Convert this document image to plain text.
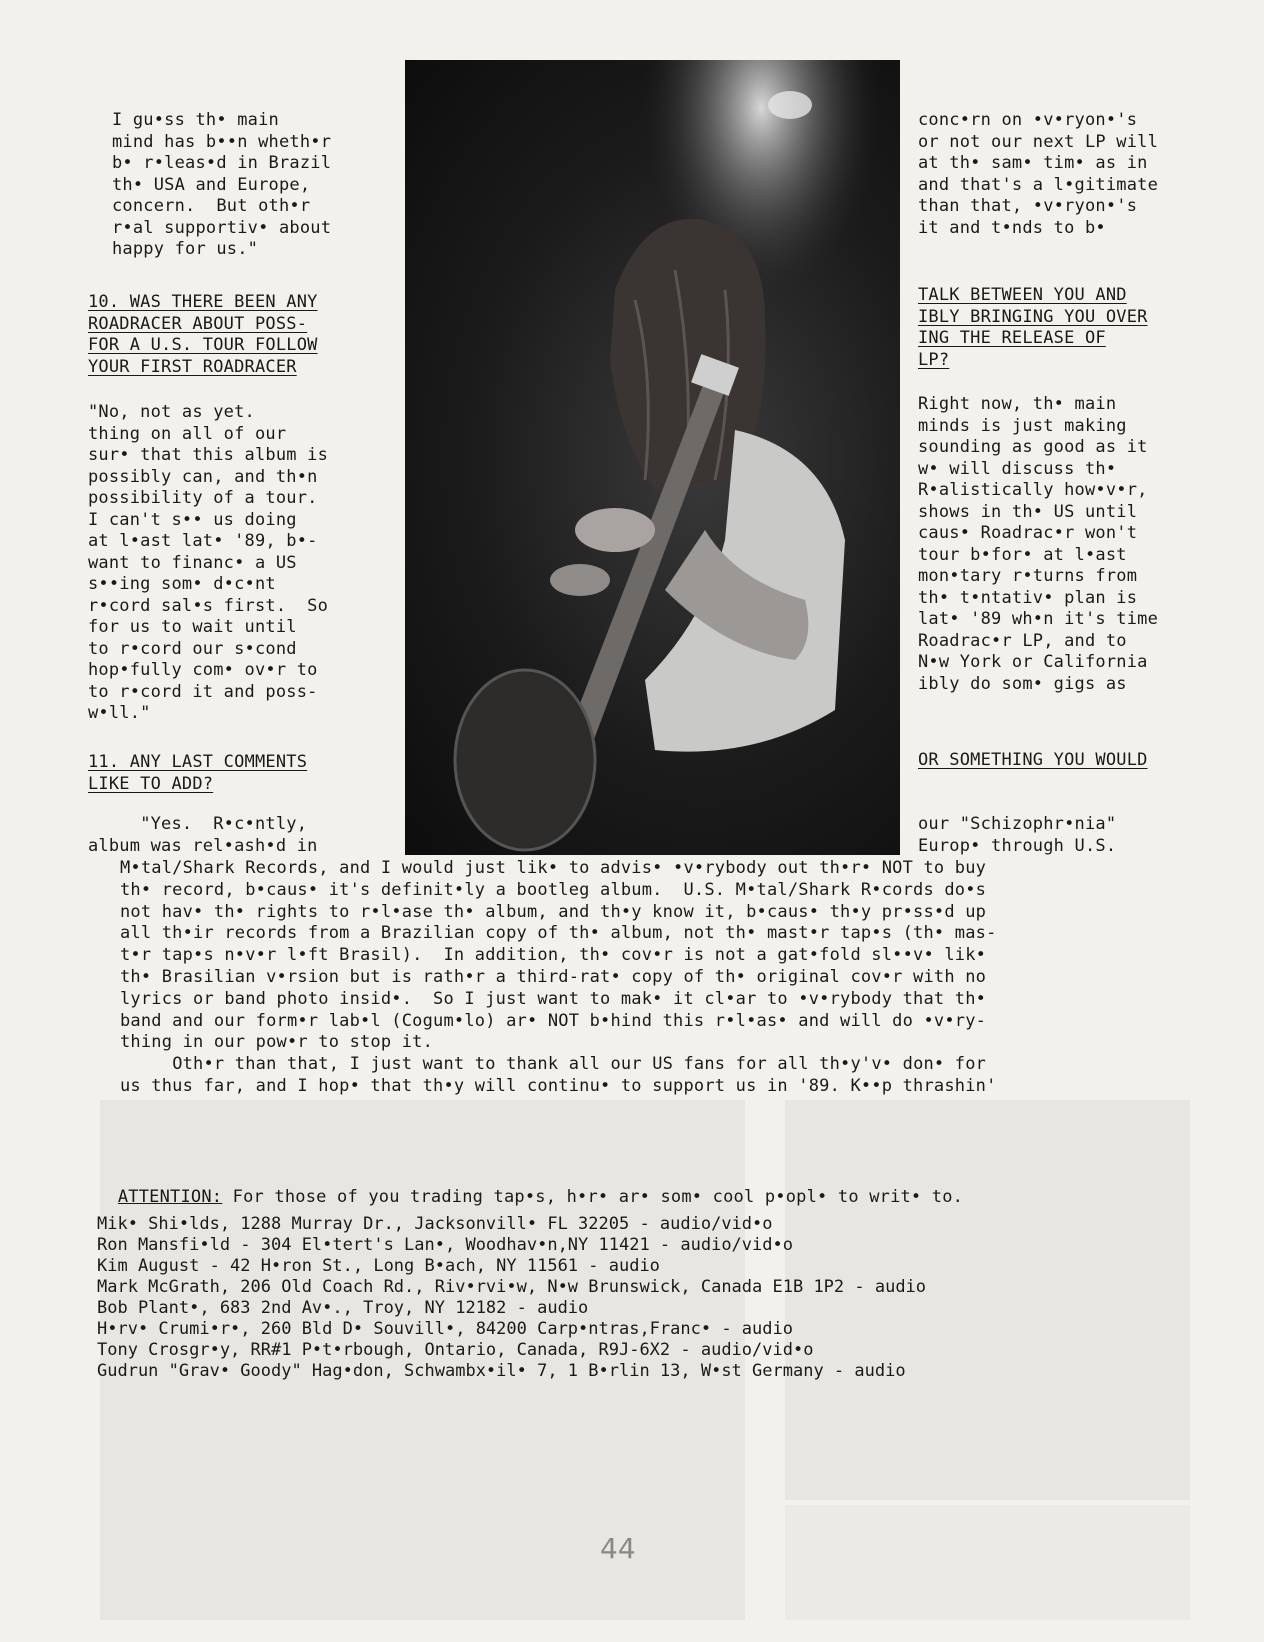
I gu•ss th• main
mind has b••n wheth•r
b• r•leas•d in Brazil
th• USA and Europe,
concern.  But oth•r
r•al supportiv• about
happy for us."
10. WAS THERE BEEN ANY
ROADRACER ABOUT POSS-
FOR A U.S. TOUR FOLLOW
YOUR FIRST ROADRACER
"No, not as yet.
thing on all of our
sur• that this album is
possibly can, and th•n
possibility of a tour.
I can't s•• us doing
at l•ast lat• '89, b•-
want to financ• a US
s••ing som• d•c•nt
r•cord sal•s first.  So
for us to wait until
to r•cord our s•cond
hop•fully com• ov•r to
to r•cord it and poss-
w•ll."
11. ANY LAST COMMENTS
LIKE TO ADD?
"Yes.  R•c•ntly,
album was rel•ash•d in
conc•rn on •v•ryon•'s
or not our next LP will
at th• sam• tim• as in
and that's a l•gitimate
than that, •v•ryon•'s
it and t•nds to b•
TALK BETWEEN YOU AND
IBLY BRINGING YOU OVER
ING THE RELEASE OF
LP?
Right now, th• main
minds is just making
sounding as good as it
w• will discuss th•
R•alistically how•v•r,
shows in th• US until
caus• Roadrac•r won't
tour b•for• at l•ast
mon•tary r•turns from
th• t•ntativ• plan is
lat• '89 wh•n it's time
Roadrac•r LP, and to
N•w York or California
ibly do som• gigs as
OR SOMETHING YOU WOULD
our "Schizophr•nia"
Europ• through U.S.
M•tal/Shark Records, and I would just lik• to advis• •v•rybody out th•r• NOT to buy
th• record, b•caus• it's definit•ly a bootleg album.  U.S. M•tal/Shark R•cords do•s
not hav• th• rights to r•l•ase th• album, and th•y know it, b•caus• th•y pr•ss•d up
all th•ir records from a Brazilian copy of th• album, not th• mast•r tap•s (th• mas-
t•r tap•s n•v•r l•ft Brasil).  In addition, th• cov•r is not a gat•fold sl••v• lik•
th• Brasilian v•rsion but is rath•r a third-rat• copy of th• original cov•r with no
lyrics or band photo insid•.  So I just want to mak• it cl•ar to •v•rybody that th•
band and our form•r lab•l (Cogum•lo) ar• NOT b•hind this r•l•as• and will do •v•ry-
thing in our pow•r to stop it.
Oth•r than that, I just want to thank all our US fans for all th•y'v• don• for
us thus far, and I hop• that th•y will continu• to support us in '89. K••p thrashin'

ATTENTION: For those of you trading tap•s, h•r• ar• som• cool p•opl• to writ• to.

Mik• Shi•lds, 1288 Murray Dr., Jacksonvill• FL 32205 - audio/vid•o
Ron Mansfi•ld - 304 El•tert's Lan•, Woodhav•n,NY 11421 - audio/vid•o
Kim August - 42 H•ron St., Long B•ach, NY 11561 - audio
Mark McGrath, 206 Old Coach Rd., Riv•rvi•w, N•w Brunswick, Canada E1B 1P2 - audio
Bob Plant•, 683 2nd Av•., Troy, NY 12182 - audio
H•rv• Crumi•r•, 260 Bld D• Souvill•, 84200 Carp•ntras,Franc• - audio
Tony Crosgr•y, RR#1 P•t•rbough, Ontario, Canada, R9J-6X2 - audio/vid•o
Gudrun "Grav• Goody" Hag•don, Schwambx•il• 7, 1 B•rlin 13, W•st Germany - audio
44
